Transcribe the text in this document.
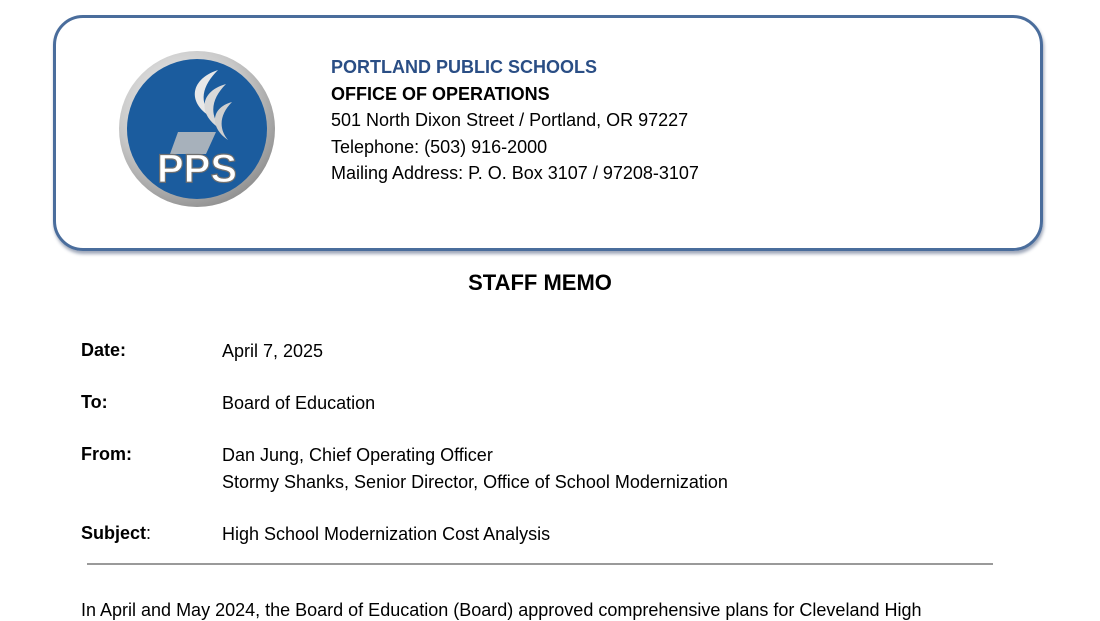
PPS
PORTLAND PUBLIC SCHOOLS
OFFICE OF OPERATIONS
501 North Dixon Street / Portland, OR 97227
Telephone: (503) 916-2000
Mailing Address: P. O. Box 3107 / 97208-3107
STAFF MEMO
Date:	April 7, 2025
To:	Board of Education
From:	Dan Jung, Chief Operating Officer
Stormy Shanks, Senior Director, Office of School Modernization
Subject:	High School Modernization Cost Analysis
In April and May 2024, the Board of Education (Board) approved comprehensive plans for Cleveland High
